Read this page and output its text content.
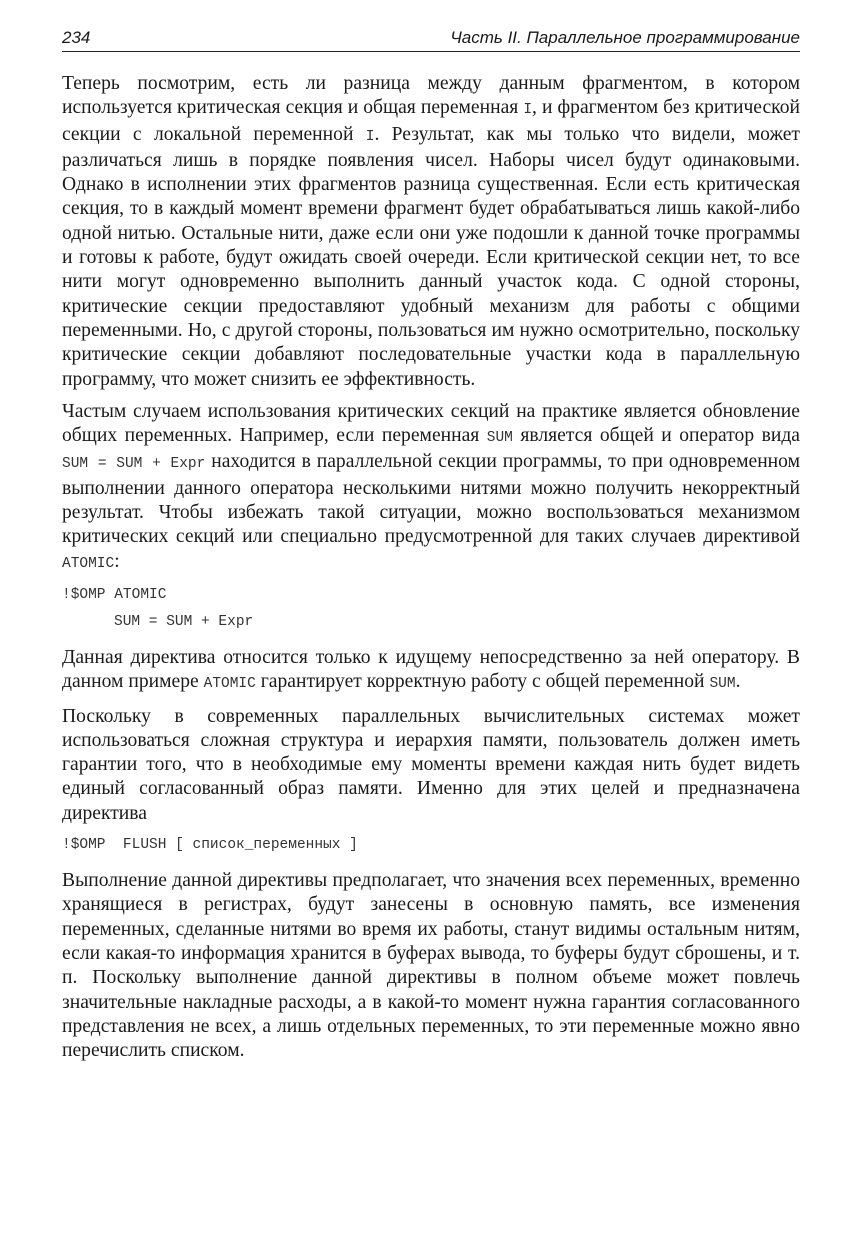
234	Часть II. Параллельное программирование

Теперь посмотрим, есть ли разница между данным фрагментом, в котором используется критическая секция и общая переменная I, и фрагментом без критической секции с локальной переменной I. Результат, как мы только что видели, может различаться лишь в порядке появления чисел. Наборы чисел будут одинаковыми. Однако в исполнении этих фрагментов разница существенная. Если есть критическая секция, то в каждый момент времени фрагмент будет обрабатываться лишь какой-либо одной нитью. Остальные нити, даже если они уже подошли к данной точке программы и готовы к работе, будут ожидать своей очереди. Если критической секции нет, то все нити могут одновременно выполнить данный участок кода. С одной стороны, критические секции предоставляют удобный механизм для работы с общими переменными. Но, с другой стороны, пользоваться им нужно осмотрительно, поскольку критические секции добавляют последовательные участки кода в параллельную программу, что может снизить ее эффективность.

Частым случаем использования критических секций на практике является обновление общих переменных. Например, если переменная SUM является общей и оператор вида SUM = SUM + Expr находится в параллельной секции программы, то при одновременном выполнении данного оператора несколькими нитями можно получить некорректный результат. Чтобы избежать такой ситуации, можно воспользоваться механизмом критических секций или специально предусмотренной для таких случаев директивой ATOMIC:

!$OMP ATOMIC
SUM = SUM + Expr

Данная директива относится только к идущему непосредственно за ней оператору. В данном примере ATOMIC гарантирует корректную работу с общей переменной SUM.

Поскольку в современных параллельных вычислительных системах может использоваться сложная структура и иерархия памяти, пользователь должен иметь гарантии того, что в необходимые ему моменты времени каждая нить будет видеть единый согласованный образ памяти. Именно для этих целей и предназначена директива

!$OMP  FLUSH [ список_переменных ]

Выполнение данной директивы предполагает, что значения всех переменных, временно хранящиеся в регистрах, будут занесены в основную память, все изменения переменных, сделанные нитями во время их работы, станут видимы остальным нитям, если какая-то информация хранится в буферах вывода, то буферы будут сброшены, и т. п. Поскольку выполнение данной директивы в полном объеме может повлечь значительные накладные расходы, а в какой-то момент нужна гарантия согласованного представления не всех, а лишь отдельных переменных, то эти переменные можно явно перечислить списком.
